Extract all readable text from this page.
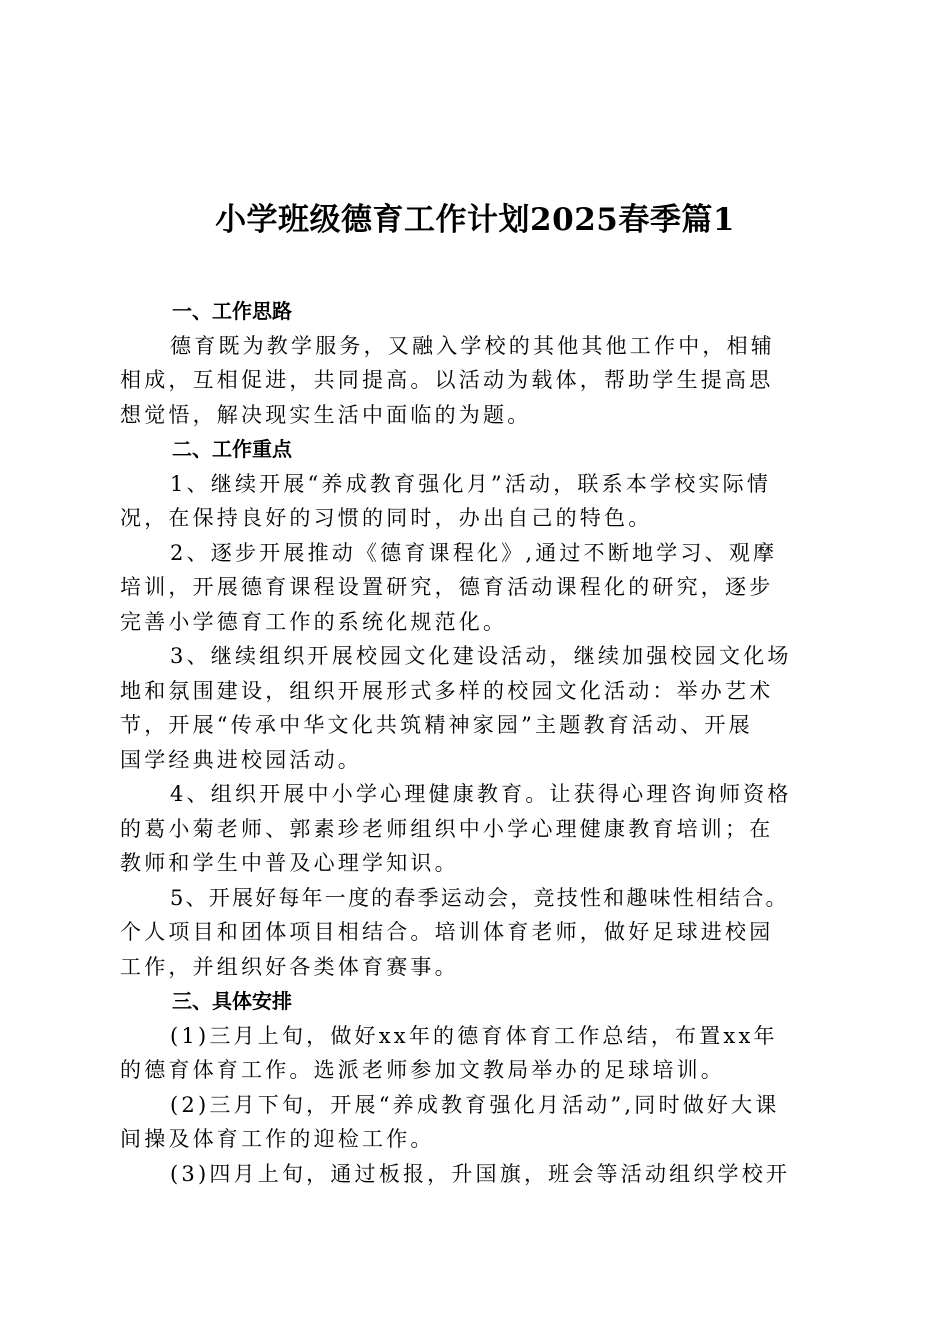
小学班级德育工作计划2025春季篇1
一、工作思路
德育既为教学服务，又融入学校的其他其他工作中，相辅
相成，互相促进，共同提高。以活动为载体，帮助学生提高思
想觉悟，解决现实生活中面临的为题。
二、工作重点
1、继续开展“养成教育强化月”活动，联系本学校实际情
况，在保持良好的习惯的同时，办出自己的特色。
2、逐步开展推动《德育课程化》,通过不断地学习、观摩
培训，开展德育课程设置研究，德育活动课程化的研究，逐步
完善小学德育工作的系统化规范化。
3、继续组织开展校园文化建设活动，继续加强校园文化场
地和氛围建设，组织开展形式多样的校园文化活动：举办艺术
节，开展“传承中华文化共筑精神家园”主题教育活动、开展
国学经典进校园活动。
4、组织开展中小学心理健康教育。让获得心理咨询师资格
的葛小菊老师、郭素珍老师组织中小学心理健康教育培训；在
教师和学生中普及心理学知识。
5、开展好每年一度的春季运动会，竞技性和趣味性相结合。
个人项目和团体项目相结合。培训体育老师，做好足球进校园
工作，并组织好各类体育赛事。
三、具体安排
(1)三月上旬，做好xx年的德育体育工作总结，布置xx年
的德育体育工作。选派老师参加文教局举办的足球培训。
(2)三月下旬，开展“养成教育强化月活动”,同时做好大课
间操及体育工作的迎检工作。
(3)四月上旬，通过板报，升国旗，班会等活动组织学校开
